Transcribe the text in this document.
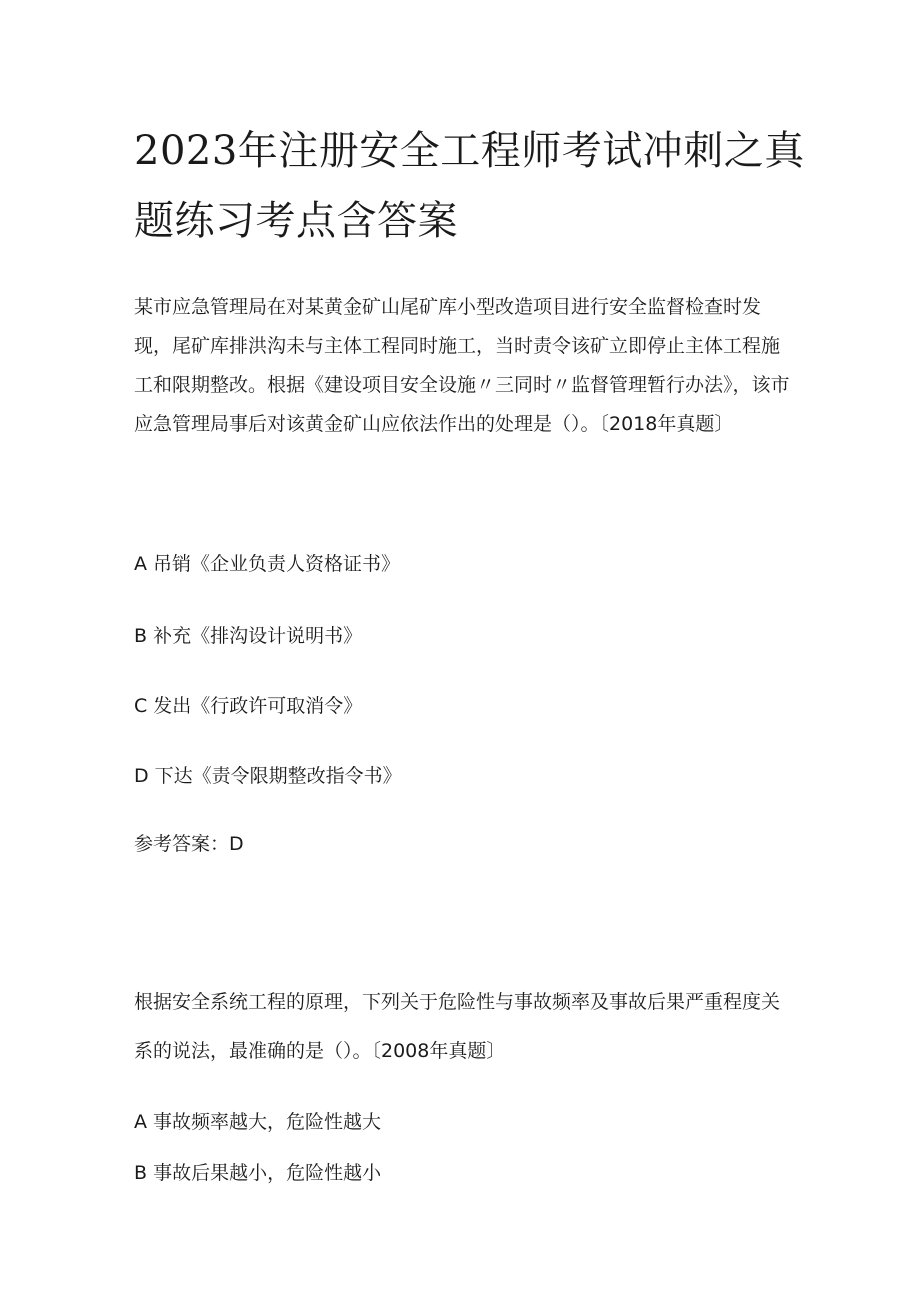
2023年注册安全工程师考试冲刺之真题练习考点含答案

某市应急管理局在对某黄金矿山尾矿库小型改造项目进行安全监督检查时发现，尾矿库排洪沟未与主体工程同时施工，当时责令该矿立即停止主体工程施工和限期整改。根据《建设项目安全设施〃三同时〃监督管理暂行办法》，该市应急管理局事后对该黄金矿山应依法作出的处理是（）。〔2018年真题〕

A 吊销《企业负责人资格证书》

B 补充《排沟设计说明书》

C 发出《行政许可取消令》

D 下达《责令限期整改指令书》

参考答案：D

根据安全系统工程的原理，下列关于危险性与事故频率及事故后果严重程度关系的说法，最准确的是（）。〔2008年真题〕

A 事故频率越大，危险性越大

B 事故后果越小，危险性越小
